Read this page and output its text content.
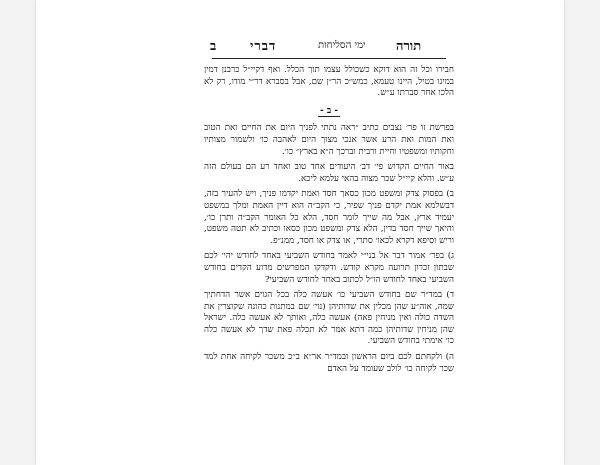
ב	דברי	ימי הסליחות תורה

חבירו וכל זה הוא דוקא כשכולל עצמו תוך הכלל. ואף דקיי״ל כרבנן דמין במינו בטיל, היינו טעמא, כמש״כ הר״ן שם, אבל בסברא דר״י מודו, רק לא הלכו אחר סברתו ע״ש.

- ב -

בפרשת זו פר׳ נצבים כתיב ״ראה נתתי לפניך היום את החיים ואת הטוב ואת המות ואת הרע אשר אנכי מצוך היום לאהבה כו׳ ולשמור מצותיו וחקותיו ומשפטיו וחיית ורבית וברכך ה״א בארץ״ כו׳.

באור החיים הקדוש פי׳ דב׳ היעודים אחד טוב ואחד רע הם בעולם הזה ע״ש. והלא קיי״ל שכר מצוה בהאי עלמא ליכא.

ב) בפסוק צדק ומשפט מכון כסאך חסד ואמת יקדמו פניך, ויש להעיר בזה, דבשלמא אמת יקדם פניך שפיר, כי הקב״ה הוא דיין האמת ומלך במשפט יעמיד ארץ, אבל מה שייך לומר חסד, הלא כל האומר הקב״ה ותרן כו׳, והיאך שייך חסד בדין, הלא צדק ומשפט מכון כסאו וכתיב לא תטה משפט, וריש וסיפא דקרא לכאו׳ סתרי, או צדק או חסד, ממנ״פ.

ג) בפר׳ אמור דבר אל בני״י לאמר בחודש השביעי באחד לחודש יהי׳ לכם שבתון זכרון תרועה מקרא קודש. ודקדקו המפרשים מדוע הקדים בחודש השביעי באחד לחודש הו״ל לכתוב באחד לחודש השביעי?

ד) במד״ר שם בחודש השביעי כו׳ אעשה כלה בכל הגוים אשר הדחתיך שמה, אוה״ע שהן מכלין את שדותיהן (נוי׳ שם במתנות כהונה שקוצרין את השדה כולה ואין מניחין פאה) אעשה כלה, ואותך לא אעשה כלה. ישראל שהן מניחין שדותיהן כמה דתא אמר לא תכלה פאת שדך לא אעשה כלה כו׳ אימתי בחודש השביעי.

ה) ולקחתם לכם ביום הראשון ובמד״ר אר״א ב״כ משכר לקיחה אחת למד שכר לקיחה כו׳ לולב שעומד על האדם
